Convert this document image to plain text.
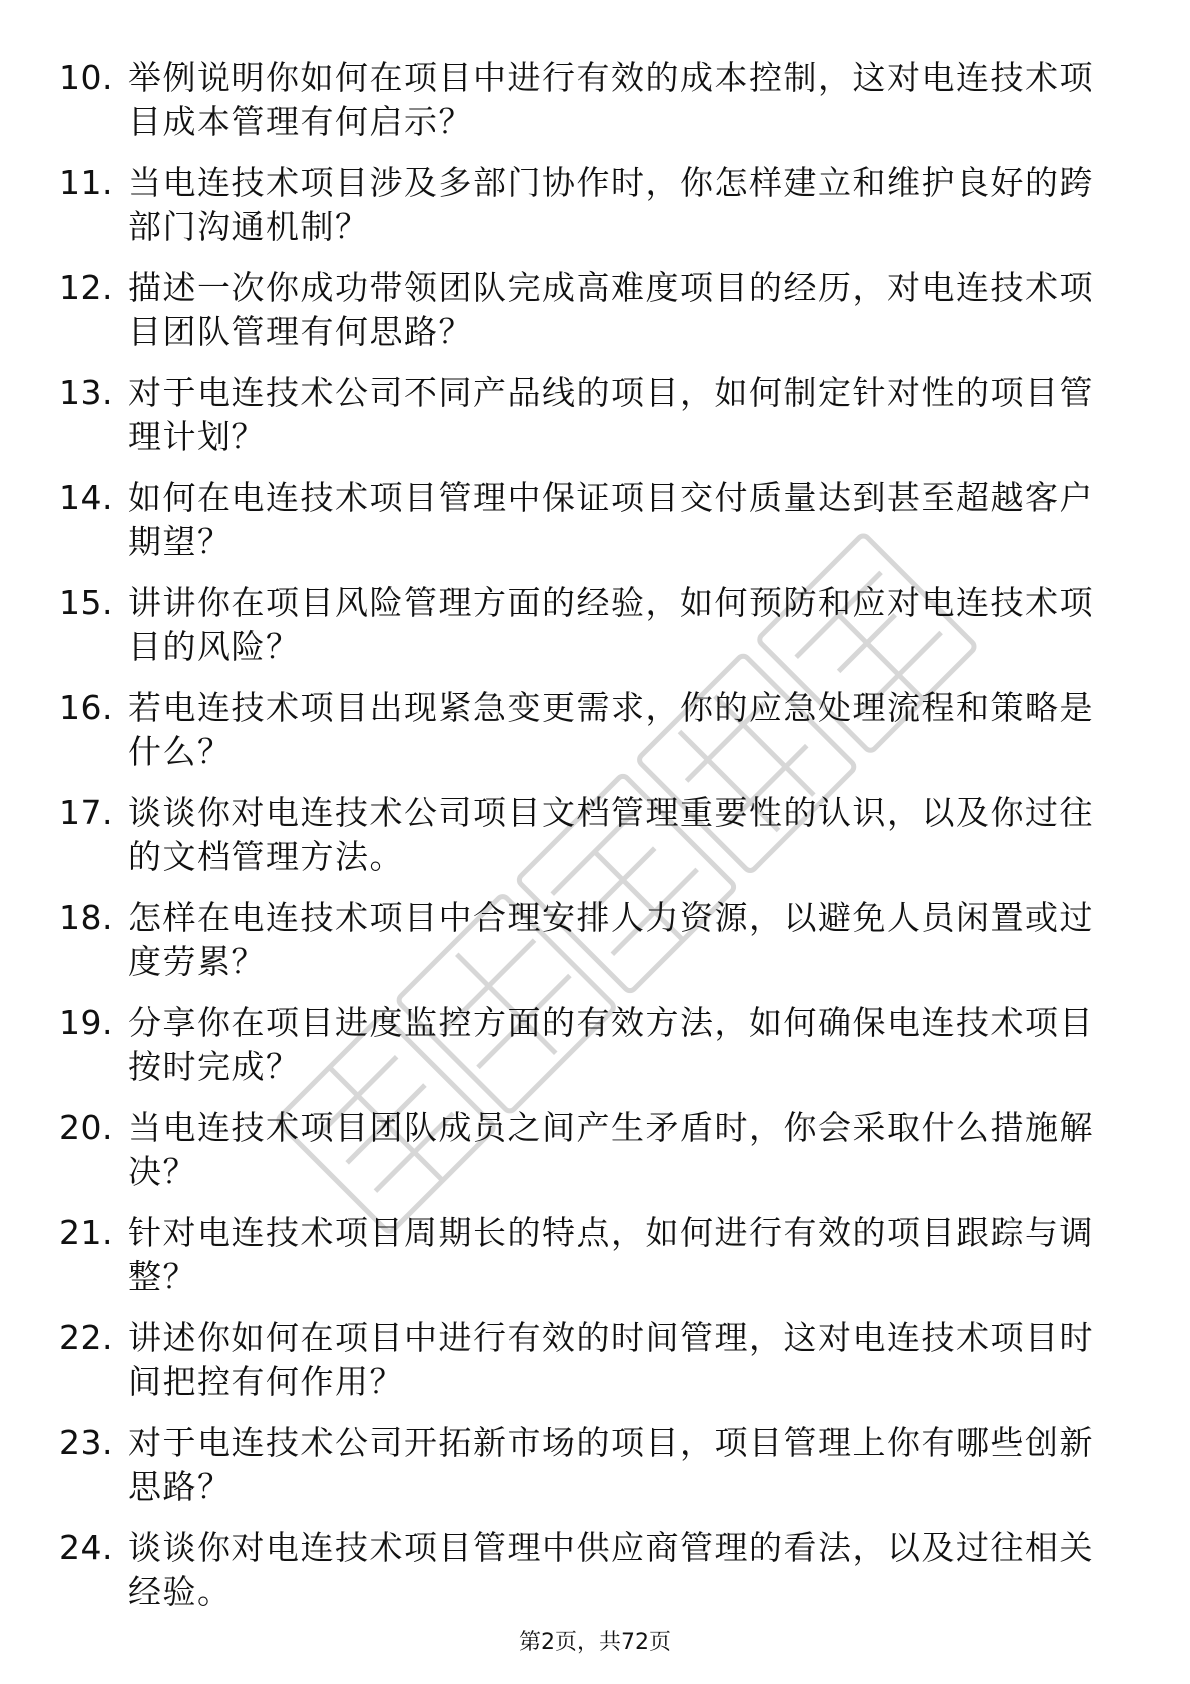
10. 举例说明你如何在项目中进行有效的成本控制，这对电连技术项目成本管理有何启示？
11. 当电连技术项目涉及多部门协作时，你怎样建立和维护良好的跨部门沟通机制？
12. 描述一次你成功带领团队完成高难度项目的经历，对电连技术项目团队管理有何思路？
13. 对于电连技术公司不同产品线的项目，如何制定针对性的项目管理计划？
14. 如何在电连技术项目管理中保证项目交付质量达到甚至超越客户期望？
15. 讲讲你在项目风险管理方面的经验，如何预防和应对电连技术项目的风险？
16. 若电连技术项目出现紧急变更需求，你的应急处理流程和策略是什么？
17. 谈谈你对电连技术公司项目文档管理重要性的认识，以及你过往的文档管理方法。
18. 怎样在电连技术项目中合理安排人力资源，以避免人员闲置或过度劳累？
19. 分享你在项目进度监控方面的有效方法，如何确保电连技术项目按时完成？
20. 当电连技术项目团队成员之间产生矛盾时，你会采取什么措施解决？
21. 针对电连技术项目周期长的特点，如何进行有效的项目跟踪与调整？
22. 讲述你如何在项目中进行有效的时间管理，这对电连技术项目时间把控有何作用？
23. 对于电连技术公司开拓新市场的项目，项目管理上你有哪些创新思路？
24. 谈谈你对电连技术项目管理中供应商管理的看法，以及过往相关经验。
第2页，共72页
